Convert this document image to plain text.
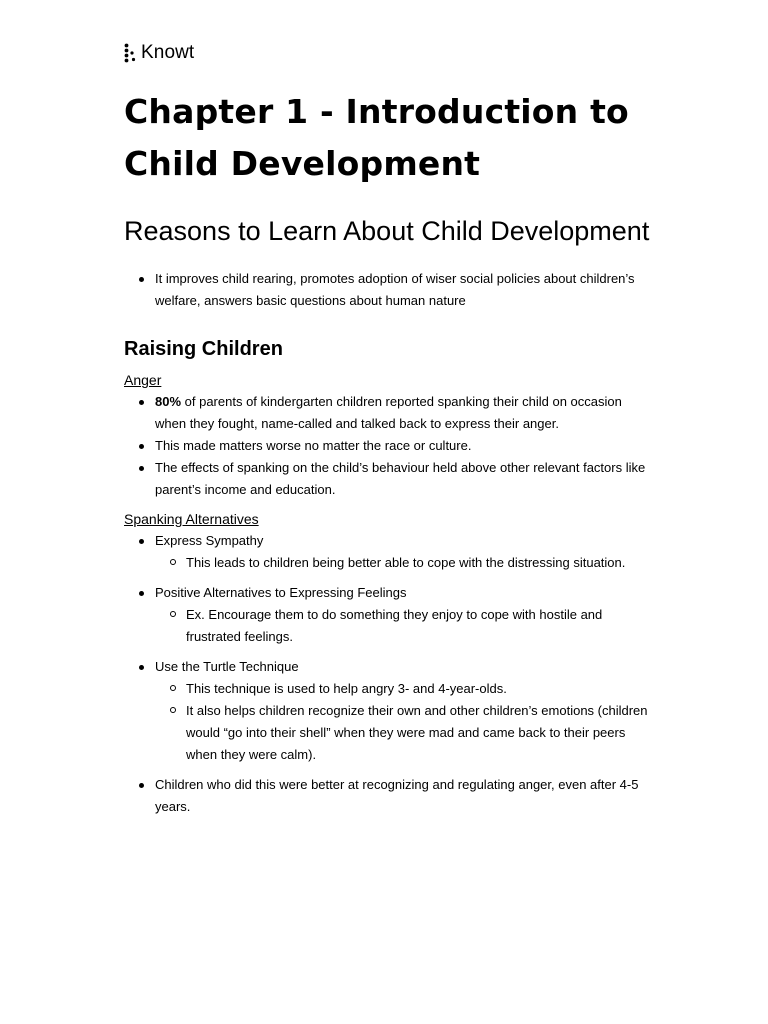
Knowt
Chapter 1 - Introduction to Child Development
Reasons to Learn About Child Development
It improves child rearing, promotes adoption of wiser social policies about children’s welfare, answers basic questions about human nature
Raising Children
Anger
80% of parents of kindergarten children reported spanking their child on occasion when they fought, name-called and talked back to express their anger.
This made matters worse no matter the race or culture.
The effects of spanking on the child’s behaviour held above other relevant factors like parent’s income and education.
Spanking Alternatives
Express Sympathy
This leads to children being better able to cope with the distressing situation.
Positive Alternatives to Expressing Feelings
Ex. Encourage them to do something they enjoy to cope with hostile and frustrated feelings.
Use the Turtle Technique
This technique is used to help angry 3- and 4-year-olds.
It also helps children recognize their own and other children’s emotions (children would “go into their shell” when they were mad and came back to their peers when they were calm).
Children who did this were better at recognizing and regulating anger, even after 4-5 years.
